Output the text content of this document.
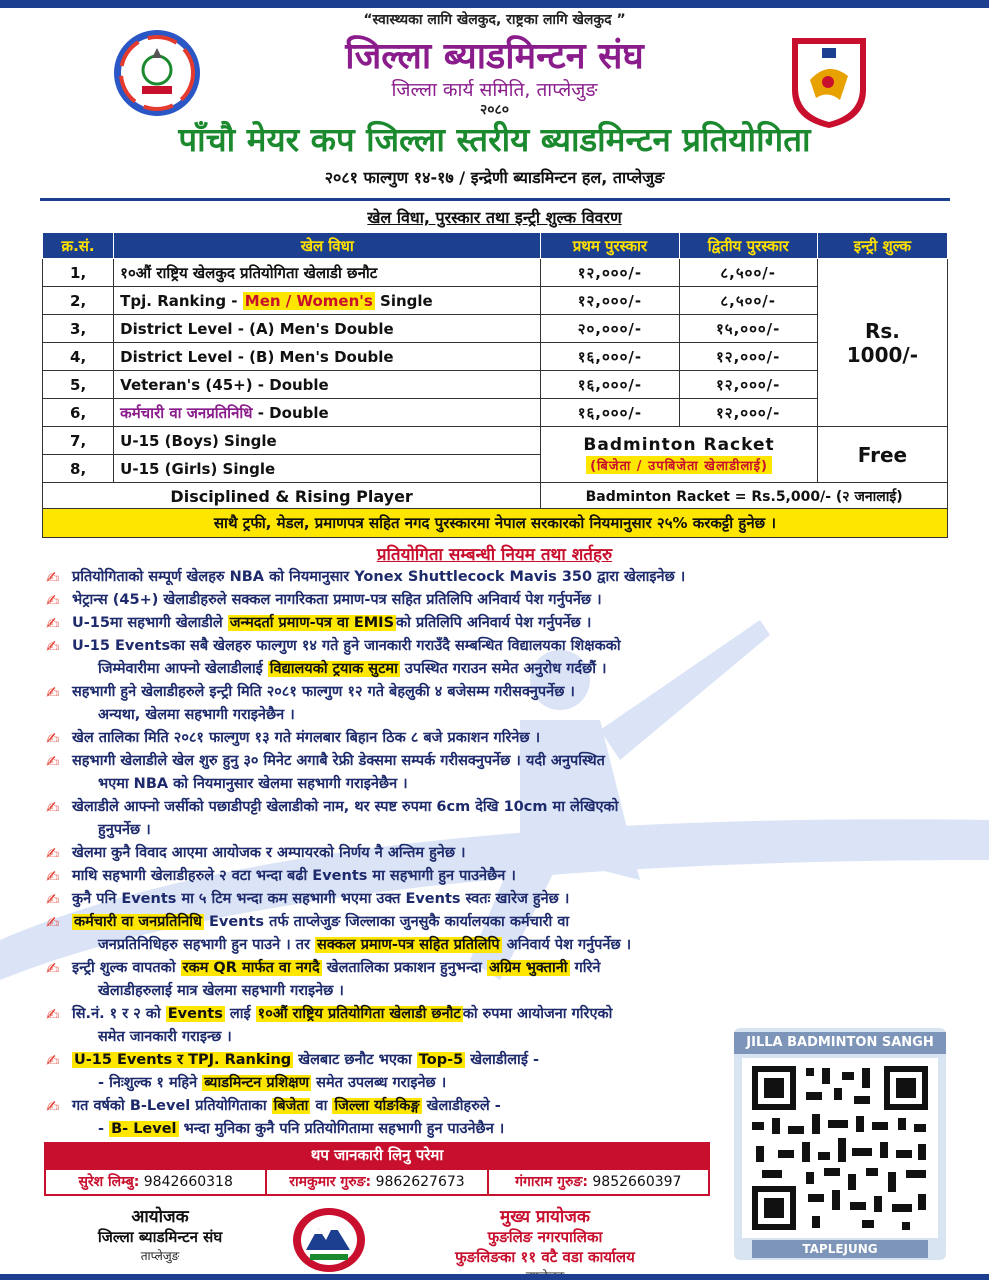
“स्वास्थ्यका लागि खेलकुद, राष्ट्रका लागि खेलकुद ”
जिल्ला ब्याडमिन्टन संघ
जिल्ला कार्य समिति, ताप्लेजुङ
२०८०
पाँचौ मेयर कप जिल्ला स्तरीय ब्याडमिन्टन प्रतियोगिता
२०८१ फाल्गुण १४-१७ / इन्द्रेणी ब्याडमिन्टन हल, ताप्लेजुङ
खेल विधा, पुरस्कार तथा इन्ट्री शुल्क विवरण
क्र.सं.	खेल विधा	प्रथम पुरस्कार	द्वितीय पुरस्कार	इन्ट्री शुल्क
1,	१०औं राष्ट्रिय खेलकुद प्रतियोगिता खेलाडी छनौट	१२,०००/-	८,५००/-	Rs.
1000/-

2,	Tpj. Ranking - Men / Women's Single	१२,०००/-	८,५००/-	
3,	District Level - (A) Men's Double	२०,०००/-	१५,०००/-	
4,	District Level - (B) Men's Double	१६,०००/-	१२,०००/-	
5,	Veteran's (45+) - Double	१६,०००/-	१२,०००/-	
6,	कर्मचारी वा जनप्रतिनिधि - Double	१६,०००/-	१२,०००/-	
7,	U-15 (Boys) Single	Badminton Racket
(बिजेता / उपबिजेता खेलाडीलाई)		Free
8,	U-15 (Girls) Single			
Disciplined & Rising Player		Badminton Racket = Rs.5,000/- (२ जनालाई)		
साथै ट्रफी, मेडल, प्रमाणपत्र सहित नगद पुरस्कारमा नेपाल सरकारको नियमानुसार २५% करकट्टी हुनेछ ।
प्रतियोगिता सम्बन्धी नियम तथा शर्तहरु
✍ प्रतियोगिताको सम्पूर्ण खेलहरु NBA को नियमानुसार Yonex Shuttlecock Mavis 350 द्वारा खेलाइनेछ ।
✍ भेट्रान्स (45+) खेलाडीहरुले सक्कल नागरिकता प्रमाण-पत्र सहित प्रतिलिपि अनिवार्य पेश गर्नुपर्नेछ ।
✍ U-15मा सहभागी खेलाडीले जन्मदर्ता प्रमाण-पत्र वा EMIS को प्रतिलिपि अनिवार्य पेश गर्नुपर्नेछ ।
✍ U-15 Eventsका सबै खेलहरु फाल्गुण १४ गते हुने जानकारी गराउँदै सम्बन्धित विद्यालयका शिक्षकको
जिम्मेवारीमा आफ्नो खेलाडीलाई विद्यालयको ट्रयाक सुटमा उपस्थित गराउन समेत अनुरोध गर्दछौं ।
✍ सहभागी हुने खेलाडीहरुले इन्ट्री मिति २०८१ फाल्गुण १२ गते बेहलुकी ४ बजेसम्म गरीसक्नुपर्नेछ ।
अन्यथा, खेलमा सहभागी गराइनेछैन ।
✍ खेल तालिका मिति २०८१ फाल्गुण १३ गते मंगलबार बिहान ठिक ८ बजे प्रकाशन गरिनेछ ।
✍ सहभागी खेलाडीले खेल शुरु हुनु ३० मिनेट अगाबै रेफ्री डेक्समा सम्पर्क गरीसक्नुपर्नेछ । यदी अनुपस्थित
भएमा NBA को नियमानुसार खेलमा सहभागी गराइनेछैन ।
✍ खेलाडीले आफ्नो जर्सीको पछाडीपट्टी खेलाडीको नाम, थर स्पष्ट रुपमा 6cm देखि 10cm मा लेखिएको
हुनुपर्नेछ ।
✍ खेलमा कुनै विवाद आएमा आयोजक र अम्पायरको निर्णय नै अन्तिम हुनेछ ।
✍ माथि सहभागी खेलाडीहरुले २ वटा भन्दा बढी Events मा सहभागी हुन पाउनेछैन ।
✍ कुनै पनि Events मा ५ टिम भन्दा कम सहभागी भएमा उक्त Events स्वतः खारेज हुनेछ ।
✍ कर्मचारी वा जनप्रतिनिधि Events तर्फ ताप्लेजुङ जिल्लाका जुनसुकै कार्यालयका कर्मचारी वा
जनप्रतिनिधिहरु सहभागी हुन पाउने । तर सक्कल प्रमाण-पत्र सहित प्रतिलिपि अनिवार्य पेश गर्नुपर्नेछ ।
✍ इन्ट्री शुल्क वापतको रकम QR मार्फत वा नगदै खेलतालिका प्रकाशन हुनुभन्दा अग्रिम भुक्तानी गरिने
खेलाडीहरुलाई मात्र खेलमा सहभागी गराइनेछ ।
✍ सि.नं. १ र २ को Events लाई १०औं राष्ट्रिय प्रतियोगिता खेलाडी छनौट को रुपमा आयोजना गरिएको
समेत जानकारी गराइन्छ ।
✍ U-15 Events र TPJ. Ranking खेलबाट छनौट भएका Top-5 खेलाडीलाई -
- निःशुल्क १ महिने ब्याडमिन्टन प्रशिक्षण समेत उपलब्ध गराइनेछ ।
✍ गत वर्षको B-Level प्रतियोगिताका बिजेता वा जिल्ला र्याङकिङ्ग खेलाडीहरुले -
- B- Level भन्दा मुनिका कुनै पनि प्रतियोगितामा सहभागी हुन पाउनेछैन ।
थप जानकारी लिनु परेमा
सुरेश लिम्बु: 9842660318	रामकुमार गुरुङ: 9862627673	गंगाराम गुरुङ: 9852660397
JILLA BADMINTON SANGH
TAPLEJUNG
आयोजक
जिल्ला ब्याडमिन्टन संघ
ताप्लेजुङ
मुख्य प्रायोजक
फुङलिङ नगरपालिका
फुङलिङका ११ वटै वडा कार्यालय
